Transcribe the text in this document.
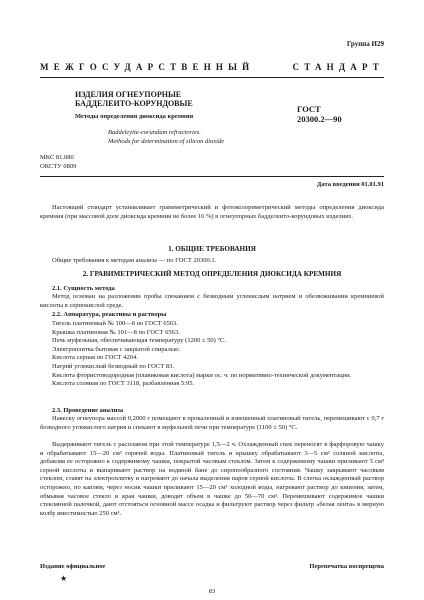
Группа И29
МЕЖГОСУДАРСТВЕННЫЙ СТАНДАРТ
ИЗДЕЛИЯ ОГНЕУПОРНЫЕ
БАДДЕЛЕИТО-КОРУНДОВЫЕ
Методы определения диоксида кремния
ГОСТ
20300.2—90
Baddeleyite-corundum refractories.
Methods for determination of silicon dioxide
МКС 81.080
ОКСТУ 0809
Дата введения 01.01.91
Настоящий стандарт устанавливает гравиметрический и фотоколориметрический методы определения диоксида кремния (при массовой доле диоксида кремния не более 16 %) в огнеупорных бадделеито-корундовых изделиях.
1. ОБЩИЕ ТРЕБОВАНИЯ
Общие требования к методам анализа — по ГОСТ 20300.1.
2. ГРАВИМЕТРИЧЕСКИЙ МЕТОД ОПРЕДЕЛЕНИЯ ДИОКСИДА КРЕМНИЯ
2.1. Сущность метода
Метод основан на разложении пробы спеканием с безводным углекислым натрием и обезвоживании кремниевой кислоты в сернокислой среде.
2.2. Аппаратура, реактивы и растворы
Тигель платиновый № 100—8 по ГОСТ 6563.
Крышка платиновая № 101—8 по ГОСТ 6563.
Печь муфельная, обеспечивающая температуру (1200 ± 50) °С.
Электроплитка бытовая с закрытой спиралью.
Кислота серная по ГОСТ 4204.
Натрий углекислый безводный по ГОСТ 83.
Кислота фтористоводородная (плавиковая кислота) марки ос. ч. по нормативно-технической документации.
Кислота соляная по ГОСТ 3118, разбавленная 5:95.
2.3. Проведение анализа
Навеску огнеупора массой 0,2000 г помещают в прокаленный и взвешенный платиновый тигель, перемешивают с 0,7 г безводного углекислого натрия и спекают в муфельной печи при температуре (1100 ± 50) °С.
Выдерживают тигель с расплавом при этой температуре 1,5—2 ч. Охлажденный спек переносят в фарфоровую чашку и обрабатывают 15—20 см³ горячей воды. Платиновый тигель и крышку обрабатывают 3—5 см³ соляной кислоты, добавляя ее осторожно к содержимому чашки, покрытой часовым стеклом. Затем к содержимому чашки приливают 5 см³ серной кислоты и выпаривают раствор на водяной бане до сиропообразного состояния. Чашку закрывают часовым стеклом, ставят на электроплитку и нагревают до начала выделения паров серной кислоты. В слегка охлажденный раствор осторожно, по каплям, через носик чашки приливают 15—20 см³ холодной воды, нагревают раствор до кипения, затем, обмывая часовое стекло и края чашки, доводят объем в чашке до 50—70 см³. Перемешивают содержимое чашки стеклянной палочкой, дают отстояться основной массе осадка и фильтруют раствор через фильтр «белая лента» в мерную колбу вместимостью 250 см³.
Издание официальное	Перепечатка воспрещена
★
83
